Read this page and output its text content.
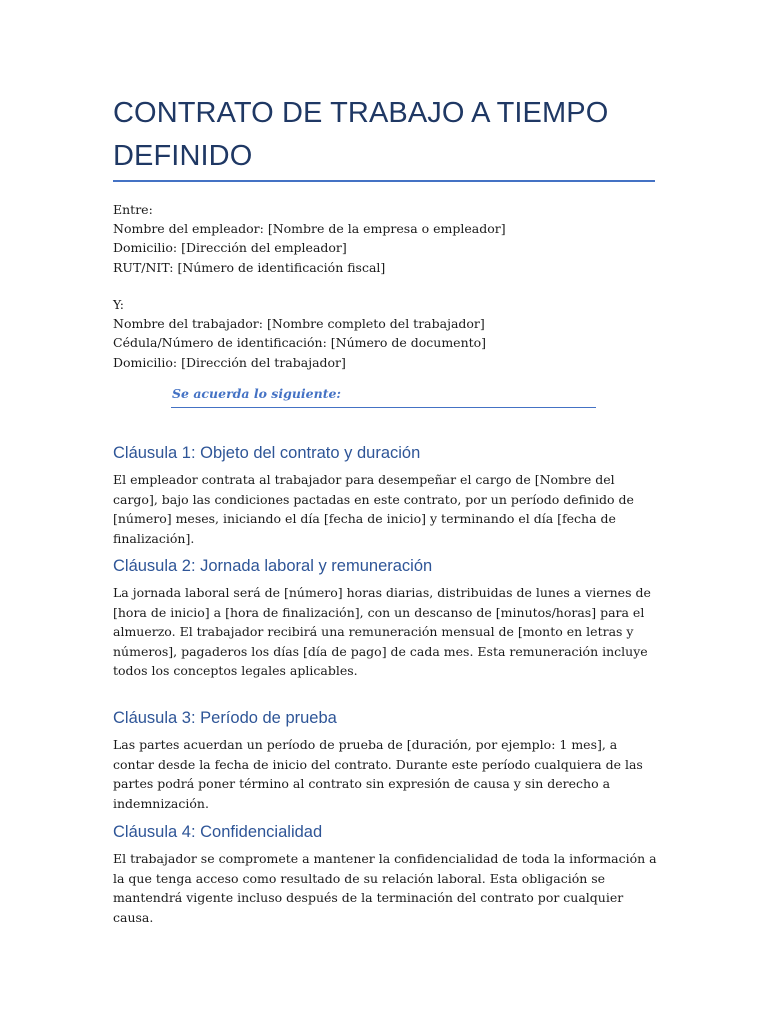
CONTRATO DE TRABAJO A TIEMPO DEFINIDO

Entre:

Nombre del empleador: [Nombre de la empresa o empleador]

Domicilio: [Dirección del empleador]

RUT/NIT: [Número de identificación fiscal]

Y:

Nombre del trabajador: [Nombre completo del trabajador]

Cédula/Número de identificación: [Número de documento]

Domicilio: [Dirección del trabajador]

Se acuerda lo siguiente:

Cláusula 1: Objeto del contrato y duración

El empleador contrata al trabajador para desempeñar el cargo de [Nombre del cargo], bajo las condiciones pactadas en este contrato, por un período definido de [número] meses, iniciando el día [fecha de inicio] y terminando el día [fecha de finalización].

Cláusula 2: Jornada laboral y remuneración

La jornada laboral será de [número] horas diarias, distribuidas de lunes a viernes de [hora de inicio] a [hora de finalización], con un descanso de [minutos/horas] para el almuerzo. El trabajador recibirá una remuneración mensual de [monto en letras y números], pagaderos los días [día de pago] de cada mes. Esta remuneración incluye todos los conceptos legales aplicables.

Cláusula 3: Período de prueba

Las partes acuerdan un período de prueba de [duración, por ejemplo: 1 mes], a contar desde la fecha de inicio del contrato. Durante este período cualquiera de las partes podrá poner término al contrato sin expresión de causa y sin derecho a indemnización.

Cláusula 4: Confidencialidad

El trabajador se compromete a mantener la confidencialidad de toda la información a la que tenga acceso como resultado de su relación laboral. Esta obligación se mantendrá vigente incluso después de la terminación del contrato por cualquier causa.
